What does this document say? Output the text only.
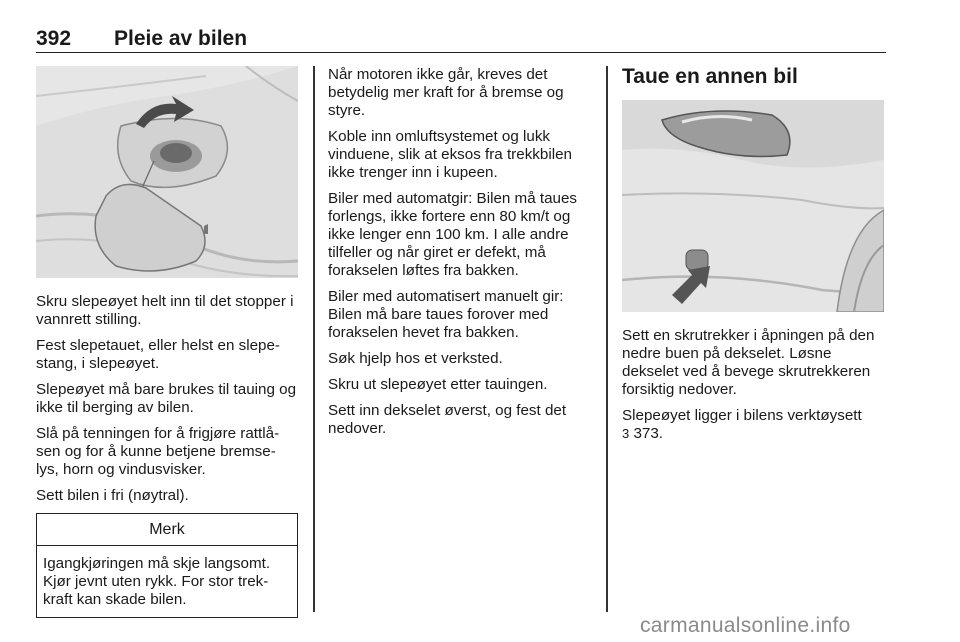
392 Pleie av bilen

Skru slepeøyet helt inn til det stopper i vannrett stilling.

Fest slepetauet, eller helst en slepe-stang, i slepeøyet.

Slepeøyet må bare brukes til tauing og ikke til berging av bilen.

Slå på tenningen for å frigjøre rattlå-sen og for å kunne betjene bremse-lys, horn og vindusvisker.

Sett bilen i fri (nøytral).

Merk
Igangkjøringen må skje langsomt. Kjør jevnt uten rykk. For stor trek-kraft kan skade bilen.

Når motoren ikke går, kreves det betydelig mer kraft for å bremse og styre.

Koble inn omluftsystemet og lukk vinduene, slik at eksos fra trekkbilen ikke trenger inn i kupeen.

Biler med automatgir: Bilen må taues forlengs, ikke fortere enn 80 km/t og ikke lenger enn 100 km. I alle andre tilfeller og når giret er defekt, må forakselen løftes fra bakken.

Biler med automatisert manuelt gir: Bilen må bare taues forover med forakselen hevet fra bakken.

Søk hjelp hos et verksted.

Skru ut slepeøyet etter tauingen.

Sett inn dekselet øverst, og fest det nedover.

Taue en annen bil

Sett en skrutrekker i åpningen på den nedre buen på dekselet. Løsne dekselet ved å bevege skrutrekkeren forsiktig nedover.

Slepeøyet ligger i bilens verktøysett
3 373.

carmanualsonline.info
